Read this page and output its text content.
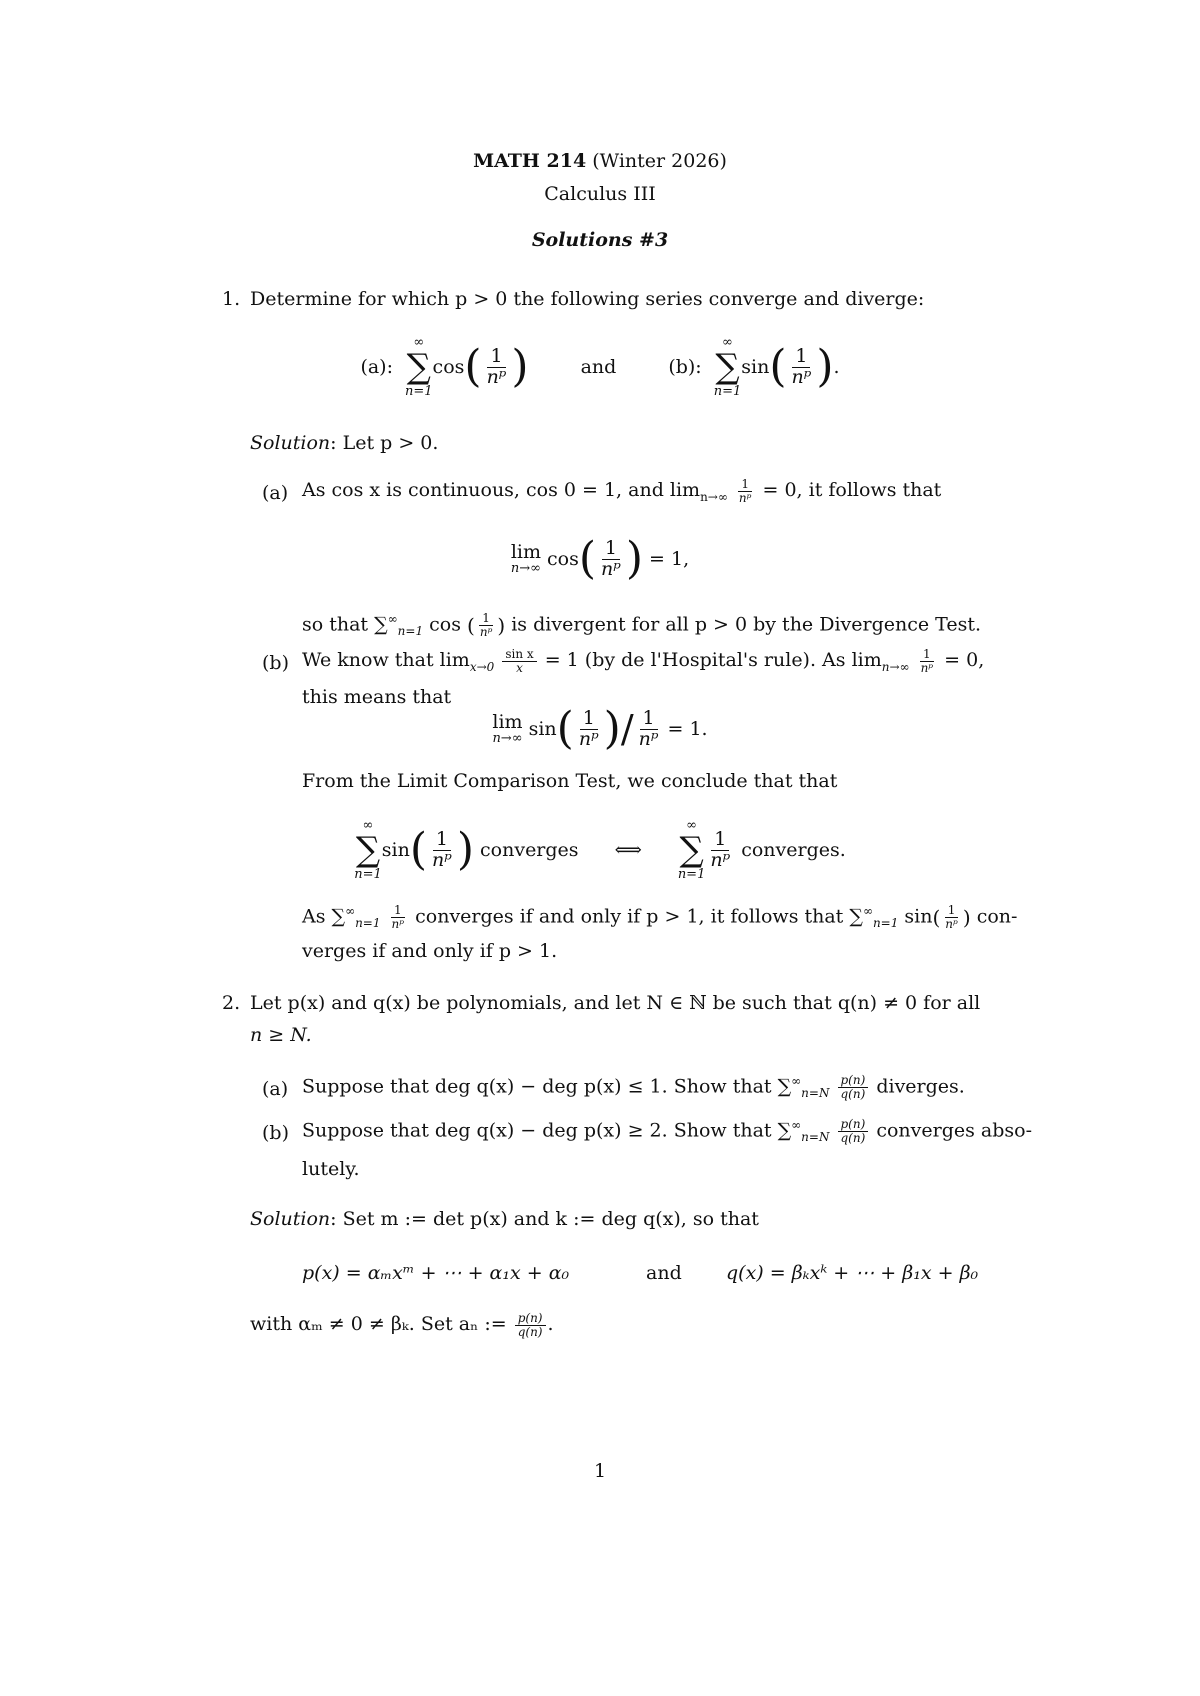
MATH 214 (Winter 2026)
Calculus III
Solutions #3
1. Determine for which p > 0 the following series converge and diverge:
(a):
∞
∑
n=1
cos ( $\frac{1}{\text{nᵖ}}$ )	and	(b):
∞
∑
n=1
sin ( $\frac{1}{\text{nᵖ}}$ ) .
Solution: Let p > 0.
(a) As cos x is continuous, cos 0 = 1, and $\lim_{n\to\infty} \frac{1}{\text{nᵖ}} = 0$, it follows that
lim
n→∞ cos ( $\frac{1}{\text{nᵖ}}$ ) = 1,
so that $\sum^\infty_{n=1}$ cos ( $\frac{1}{\text{nᵖ}}$ ) is divergent for all p > 0 by the Divergence Test.
(b) We know that $\lim_{x\to 0} \frac{\text{sin x}}{x} = 1$ (by de l'Hospital's rule). As $\lim_{n\to\infty} \frac{1}{\text{nᵖ}} = 0$,
this means that
lim
n→∞ sin ( $\frac{1}{\text{nᵖ}}$ ) / $\frac{1}{\text{nᵖ}} = 1$.
From the Limit Comparison Test, we conclude that that
∞
∑
n=1
sin ( $\frac{1}{\text{nᵖ}}$ ) converges ⟺
∞
∑
n=1
$\frac{1}{\text{nᵖ}}$ converges.
As $\sum^\infty_{n=1} \frac{1}{\text{nᵖ}}$ converges if and only if p > 1, it follows that $\sum^\infty_{n=1}$ $\sin( \frac{1}{\text{nᵖ}}$ ) con-
verges if and only if p > 1.
2. Let p(x) and q(x) be polynomials, and let N ∈ ℕ be such that q(n) ≠ 0 for all
n ≥ N.
(a) Suppose that deg q(x) − deg p(x) ≤ 1. Show that $\sum^\infty_{n=N} \frac{p(n)}{q(n)}$ diverges.
(b) Suppose that deg q(x) − deg p(x) ≥ 2. Show that $\sum^\infty_{n=N} \frac{p(n)}{q(n)}$ converges abso-
lutely.
Solution: Set m := det p(x) and k := deg q(x), so that
p(x) = αₘxᵐ + ⋯ + α₁x + α₀	and q(x) = βₖxᵏ + ⋯ + β₁x + β₀
with αₘ ≠ 0 ≠ βₖ. Set aₙ := $\frac{p(n)}{q(n)}$ .
1
